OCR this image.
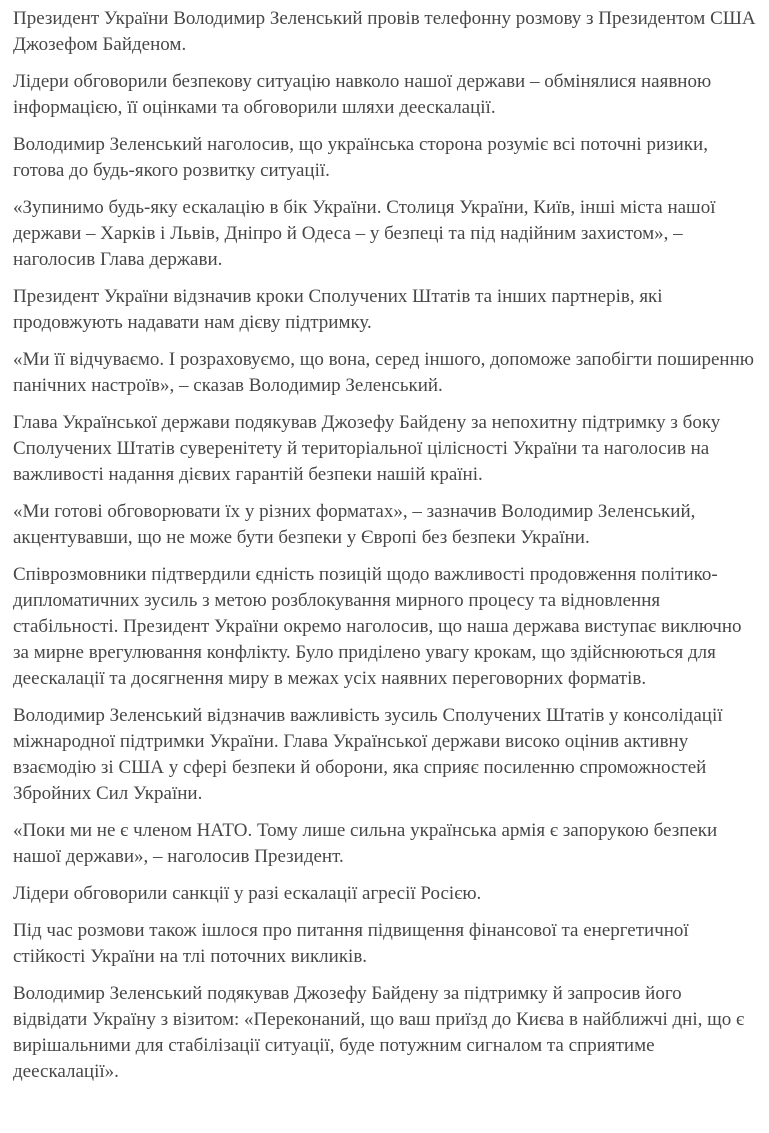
Президент України Володимир Зеленський провів телефонну розмову з Президентом США Джозефом Байденом.

Лідери обговорили безпекову ситуацію навколо нашої держави – обмінялися наявною інформацією, її оцінками та обговорили шляхи деескалації.

Володимир Зеленський наголосив, що українська сторона розуміє всі поточні ризики, готова до будь-якого розвитку ситуації.

«Зупинимо будь-яку ескалацію в бік України. Столиця України, Київ, інші міста нашої держави – Харків і Львів, Дніпро й Одеса – у безпеці та під надійним захистом», – наголосив Глава держави.

Президент України відзначив кроки Сполучених Штатів та інших партнерів, які продовжують надавати нам дієву підтримку.

«Ми її відчуваємо. І розраховуємо, що вона, серед іншого, допоможе запобігти поширенню панічних настроїв», – сказав Володимир Зеленський.

Глава Української держави подякував Джозефу Байдену за непохитну підтримку з боку Сполучених Штатів суверенітету й територіальної цілісності України та наголосив на важливості надання дієвих гарантій безпеки нашій країні.

«Ми готові обговорювати їх у різних форматах», – зазначив Володимир Зеленський, акцентувавши, що не може бути безпеки у Європі без безпеки України.

Співрозмовники підтвердили єдність позицій щодо важливості продовження політико-дипломатичних зусиль з метою розблокування мирного процесу та відновлення стабільності. Президент України окремо наголосив, що наша держава виступає виключно за мирне врегулювання конфлікту. Було приділено увагу крокам, що здійснюються для деескалації та досягнення миру в межах усіх наявних переговорних форматів.

Володимир Зеленський відзначив важливість зусиль Сполучених Штатів у консолідації міжнародної підтримки України. Глава Української держави високо оцінив активну взаємодію зі США у сфері безпеки й оборони, яка сприяє посиленню спроможностей Збройних Сил України.

«Поки ми не є членом НАТО. Тому лише сильна українська армія є запорукою безпеки нашої держави», – наголосив Президент.

Лідери обговорили санкції у разі ескалації агресії Росією.

Під час розмови також ішлося про питання підвищення фінансової та енергетичної стійкості України на тлі поточних викликів.

Володимир Зеленський подякував Джозефу Байдену за підтримку й запросив його відвідати Україну з візитом: «Переконаний, що ваш приїзд до Києва в найближчі дні, що є вирішальними для стабілізації ситуації, буде потужним сигналом та сприятиме деескалації».
